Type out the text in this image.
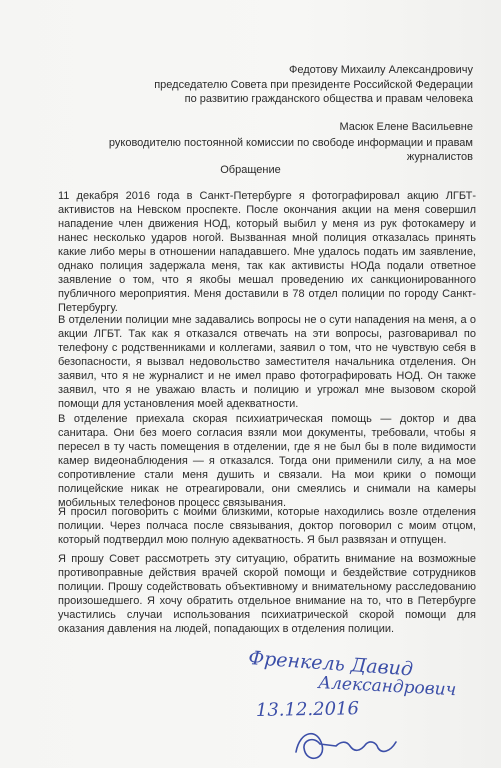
Федотову Михаилу Александровичу
председателю Совета при президенте Российской Федерации по развитию гражданского общества и правам человека
Масюк Елене Васильевне
руководителю постоянной комиссии по свободе информации и правам журналистов
Обращение
11 декабря 2016 года в Санкт-Петербурге я фотографировал акцию ЛГБТ-активистов на Невском проспекте. После окончания акции на меня совершил нападение член движения НОД, который выбил у меня из рук фотокамеру и нанес несколько ударов ногой. Вызванная мной полиция отказалась принять какие либо меры в отношении нападавшего. Мне удалось подать им заявление, однако полиция задержала меня, так как активисты НОДа подали ответное заявление о том, что я якобы мешал проведению их санкционированного публичного мероприятия. Меня доставили в 78 отдел полиции по городу Санкт-Петербургу.
В отделении полиции мне задавались вопросы не о сути нападения на меня, а о акции ЛГБТ. Так как я отказался отвечать на эти вопросы, разговаривал по телефону с родственниками и коллегами, заявил о том, что не чувствую себя в безопасности, я вызвал недовольство заместителя начальника отделения. Он заявил, что я не журналист и не имел право фотографировать НОД. Он также заявил, что я не уважаю власть и полицию и угрожал мне вызовом скорой помощи для установления моей адекватности.
В отделение приехала скорая психиатрическая помощь — доктор и два санитара. Они без моего согласия взяли мои документы, требовали, чтобы я пересел в ту часть помещения в отделении, где я не был бы в поле видимости камер видеонаблюдения — я отказался. Тогда они применили силу, а на мое сопротивление стали меня душить и связали. На мои крики о помощи полицейские никак не отреагировали, они смеялись и снимали на камеры мобильных телефонов процесс связывания.
Я просил поговорить с моими близкими, которые находились возле отделения полиции. Через полчаса после связывания, доктор поговорил с моим отцом, который подтвердил мою полную адекватность. Я был развязан и отпущен.
Я прошу Совет рассмотреть эту ситуацию, обратить внимание на возможные противоправные действия врачей скорой помощи и бездействие сотрудников полиции. Прошу содействовать объективному и внимательному расследованию произошедшего. Я хочу обратить отдельное внимание на то, что в Петербурге участились случаи использования психиатрической скорой помощи для оказания давления на людей, попадающих в отделения полиции.
Френкель Давид
Александрович
13.12.2016
